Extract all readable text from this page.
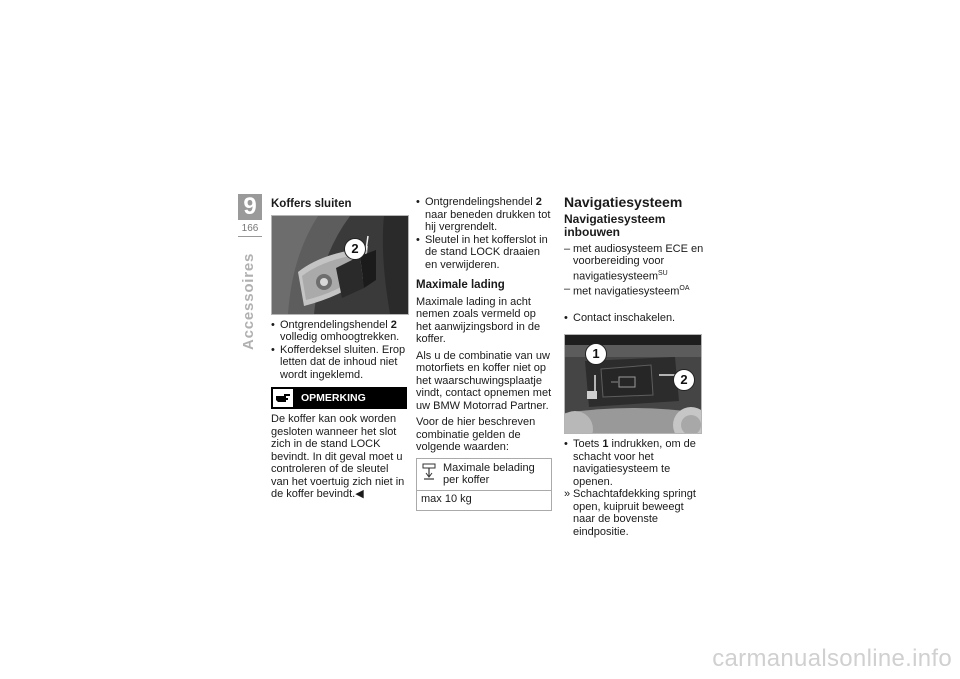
9
166
Accessoires
Koffers sluiten
2
• Ontgrendelingshendel 2 volledig omhoogtrekken.
• Kofferdeksel sluiten. Erop letten dat de inhoud niet wordt ingeklemd.
OPMERKING

De koffer kan ook worden gesloten wanneer het slot zich in de stand LOCK bevindt. In dit geval moet u controleren of de sleutel van het voertuig zich niet in de koffer bevindt.◀

• Ontgrendelingshendel 2 naar beneden drukken tot hij vergrendelt.
• Sleutel in het kofferslot in de stand LOCK draaien en verwijderen.
Maximale lading

Maximale lading in acht nemen zoals vermeld op het aanwijzingsbord in de koffer.

Als u de combinatie van uw motorfiets en koffer niet op het waarschuwingsplaatje vindt, contact opnemen met uw BMW Motorrad Partner.

Voor de hier beschreven combinatie gelden de volgende waarden:

Maximale belading per koffer
max 10 kg
Navigatiesysteem
Navigatiesysteem inbouwen
– met audiosysteem ECE en voorbereiding voor navigatiesysteem$^{SU}$
– met navigatiesysteem$^{OA}$
• Contact inschakelen.
1
2
• Toets 1 indrukken, om de schacht voor het navigatiesysteem te openen.
» Schachtafdekking springt open, kuipruit beweegt naar de bovenste eindpositie.
carmanualsonline.info
